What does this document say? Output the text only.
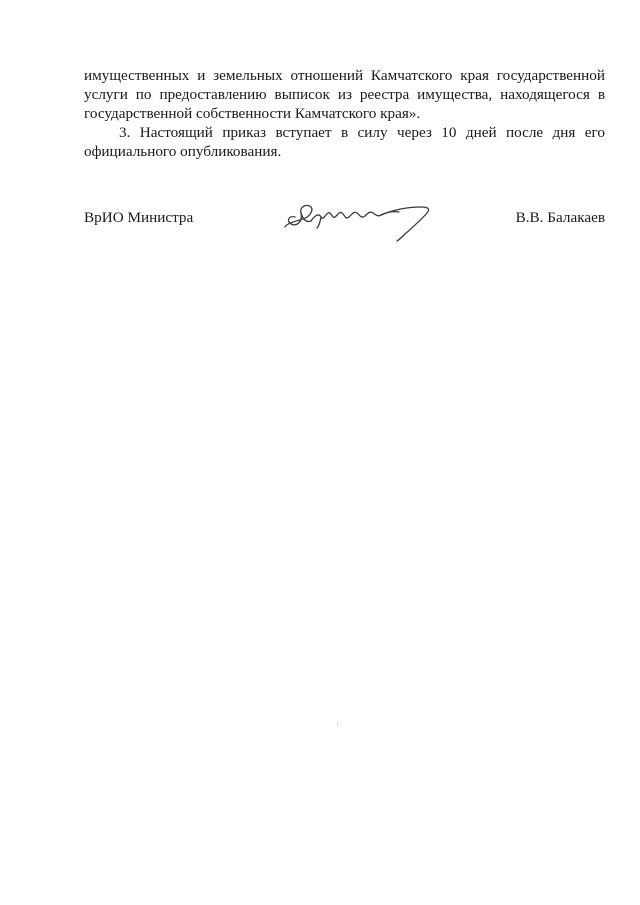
имущественных и земельных отношений Камчатского края государственной услуги по предоставлению выписок из реестра имущества, находящегося в государственной собственности Камчатского края».

3. Настоящий приказ вступает в силу через 10 дней после дня его официального опубликования.

ВрИО Министра	В.В. Балакаев
